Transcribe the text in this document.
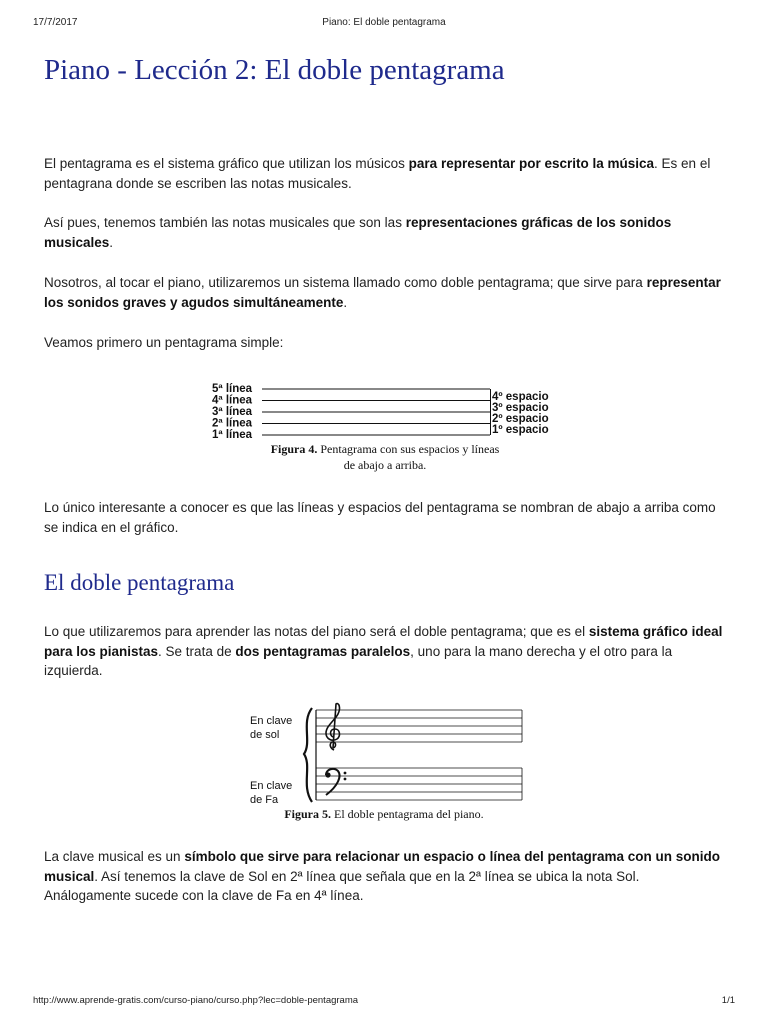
17/7/2017	Piano: El doble pentagrama
Piano - Lección 2: El doble pentagrama

El pentagrama es el sistema gráfico que utilizan los músicos para representar por escrito la música. Es en el pentagrana donde se escriben las notas musicales.

Así pues, tenemos también las notas musicales que son las representaciones gráficas de los sonidos musicales.

Nosotros, al tocar el piano, utilizaremos un sistema llamado como doble pentagrama; que sirve para representar los sonidos graves y agudos simultáneamente.

Veamos primero un pentagrama simple:

5ª línea
4ª línea
3ª línea
2ª línea
1ª línea
4º espacio
3º espacio
2º espacio
1º espacio
Figura 4. Pentagrama con sus espacios y líneas
de abajo a arriba.

Lo único interesante a conocer es que las líneas y espacios del pentagrama se nombran de abajo a arriba como se indica en el gráfico.

El doble pentagrama

Lo que utilizaremos para aprender las notas del piano será el doble pentagrama; que es el sistema gráfico ideal para los pianistas. Se trata de dos pentagramas paralelos, uno para la mano derecha y el otro para la izquierda.

En clave
de sol
En clave
de Fa
Figura 5. El doble pentagrama del piano.

La clave musical es un símbolo que sirve para relacionar un espacio o línea del pentagrama con un sonido musical. Así tenemos la clave de Sol en 2ª línea que señala que en la 2ª línea se ubica la nota Sol. Análogamente sucede con la clave de Fa en 4ª línea.

http://www.aprende-gratis.com/curso-piano/curso.php?lec=doble-pentagrama	1/1
